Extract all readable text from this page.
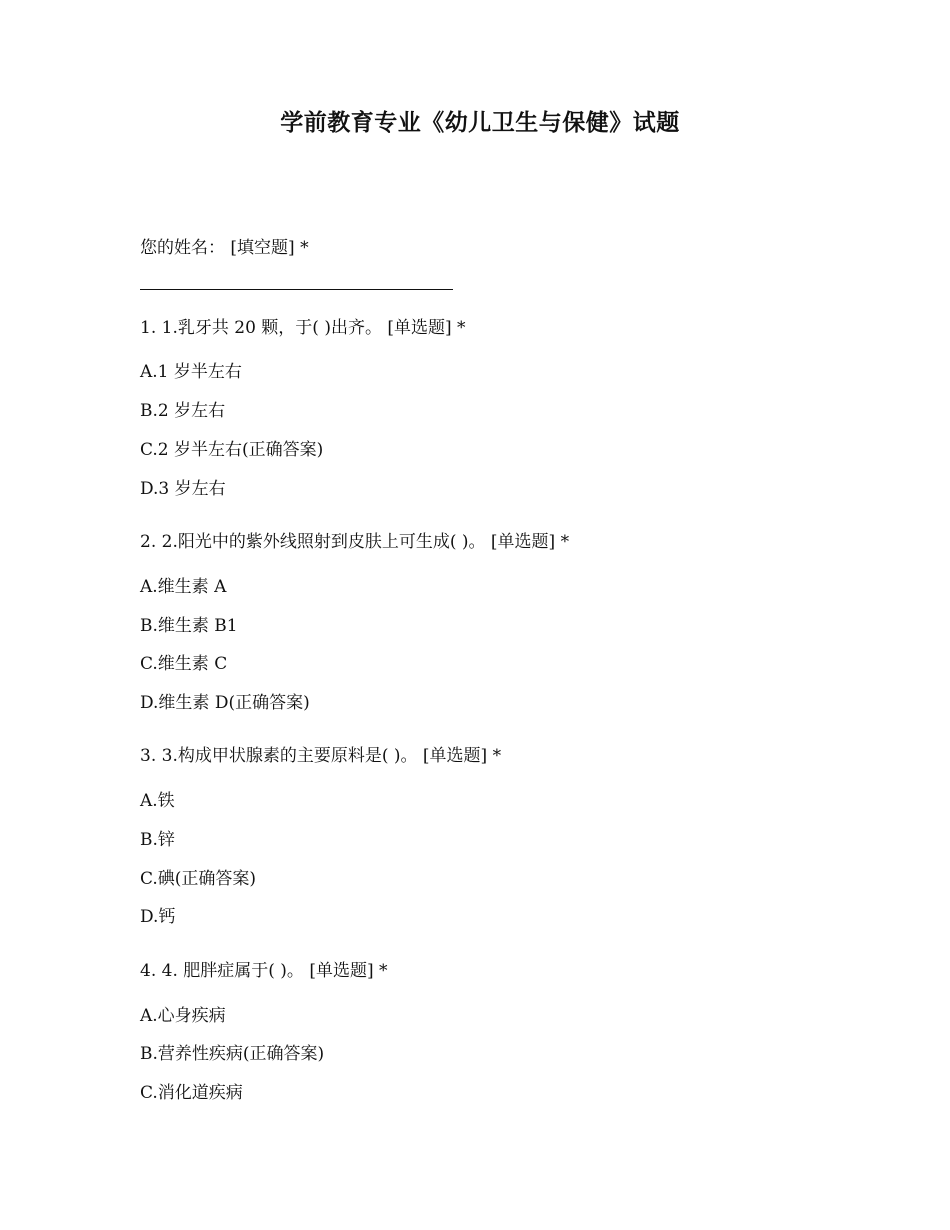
学前教育专业《幼儿卫生与保健》试题
您的姓名： [填空题] *
1. 1.乳牙共 20 颗，于( )出齐。 [单选题] *
A.1 岁半左右
B.2 岁左右
C.2 岁半左右(正确答案)
D.3 岁左右
2. 2.阳光中的紫外线照射到皮肤上可生成( )。 [单选题] *
A.维生素 A
B.维生素 B1
C.维生素 C
D.维生素 D(正确答案)
3. 3.构成甲状腺素的主要原料是( )。 [单选题] *
A.铁
B.锌
C.碘(正确答案)
D.钙
4. 4. 肥胖症属于( )。 [单选题] *
A.心身疾病
B.营养性疾病(正确答案)
C.消化道疾病
